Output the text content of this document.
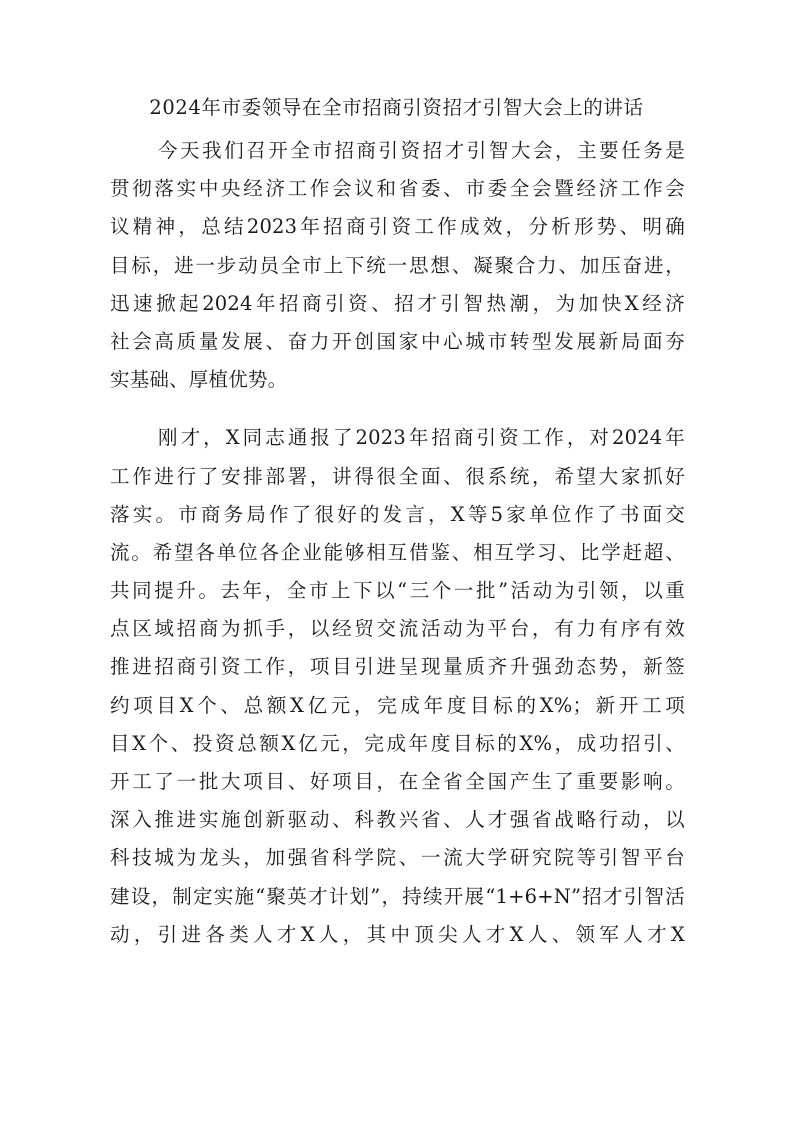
2024年市委领导在全市招商引资招才引智大会上的讲话
今天我们召开全市招商引资招才引智大会，主要任务是
贯彻落实中央经济工作会议和省委、市委全会暨经济工作会
议精神，总结2023年招商引资工作成效，分析形势、明确
目标，进一步动员全市上下统一思想、凝聚合力、加压奋进，
迅速掀起2024年招商引资、招才引智热潮，为加快X经济
社会高质量发展、奋力开创国家中心城市转型发展新局面夯
实基础、厚植优势。
刚才，X同志通报了2023年招商引资工作，对2024年
工作进行了安排部署，讲得很全面、很系统，希望大家抓好
落实。市商务局作了很好的发言，X等5家单位作了书面交
流。希望各单位各企业能够相互借鉴、相互学习、比学赶超、
共同提升。去年，全市上下以“三个一批”活动为引领，以重
点区域招商为抓手，以经贸交流活动为平台，有力有序有效
推进招商引资工作，项目引进呈现量质齐升强劲态势，新签
约项目X个、总额X亿元，完成年度目标的X%；新开工项
目X个、投资总额X亿元，完成年度目标的X%，成功招引、
开工了一批大项目、好项目，在全省全国产生了重要影响。
深入推进实施创新驱动、科教兴省、人才强省战略行动，以
科技城为龙头，加强省科学院、一流大学研究院等引智平台
建设，制定实施“聚英才计划”，持续开展“1+6+N”招才引智活
动，引进各类人才X人，其中顶尖人才X人、领军人才X
